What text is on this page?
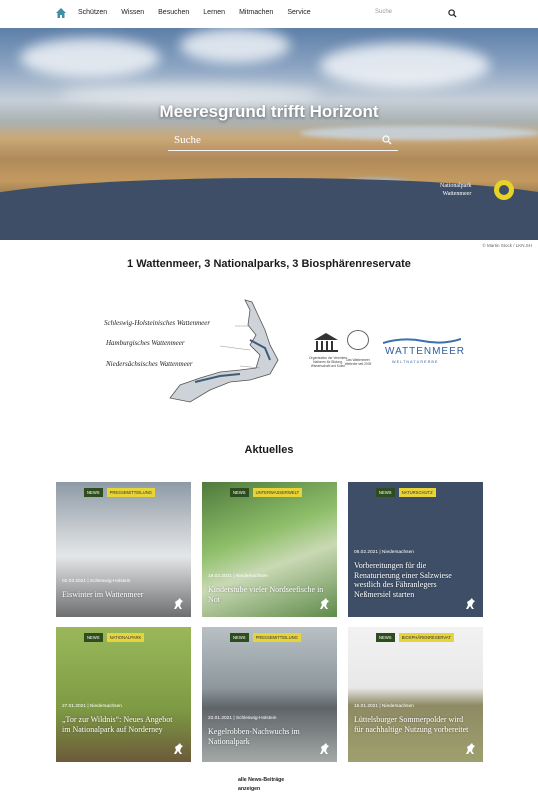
Schützen Wissen Besuchen Lernen Mitmachen Service	Suche
Meeresgrund trifft Horizont
Suche
Nationalpark
Wattenmeer
© Martin Stock / LKN.SH
1 Wattenmeer, 3 Nationalparks, 3 Biosphärenreservate
Schleswig-Holsteinisches Wattenmeer
Hamburgisches Wattenmeer
Niedersächsisches Wattenmeer
Organisation der Vereinten Nationen für Bildung, Wissenschaft und Kultur
Das Wattenmeer Welterbe seit 2009
WATTENMEER
WELTNATURERBE
Aktuelles
NEWS	PRESSEMITTEILUNG
02.03.2021 | Schleswig-Holstein
Eiswinter im Wattenmeer
NEWS	UNTERWASSERWELT
19.02.2021 | Niedersachsen
Kinderstube vieler Nordseefische in Not
NEWS	NATURSCHUTZ
08.02.2021 | Niedersachsen
Vorbereitungen für die Renaturierung einer Salzwiese westlich des Fähranlegers Neßmersiel starten
NEWS	NATIONALPARK
27.01.2021 | Niedersachsen
„Tor zur Wildnis“: Neues Angebot im Nationalpark auf Norderney
NEWS	PRESSEMITTEILUNG
22.01.2021 | Schleswig-Holstein
Kegelrobben-Nachwuchs im Nationalpark
NEWS	BIOSPHÄRENRESERVAT
15.01.2021 | Niedersachsen
Lüttelsburger Sommerpolder wird für nachhaltige Nutzung vorbereitet
alle News-Beiträge
anzeigen
